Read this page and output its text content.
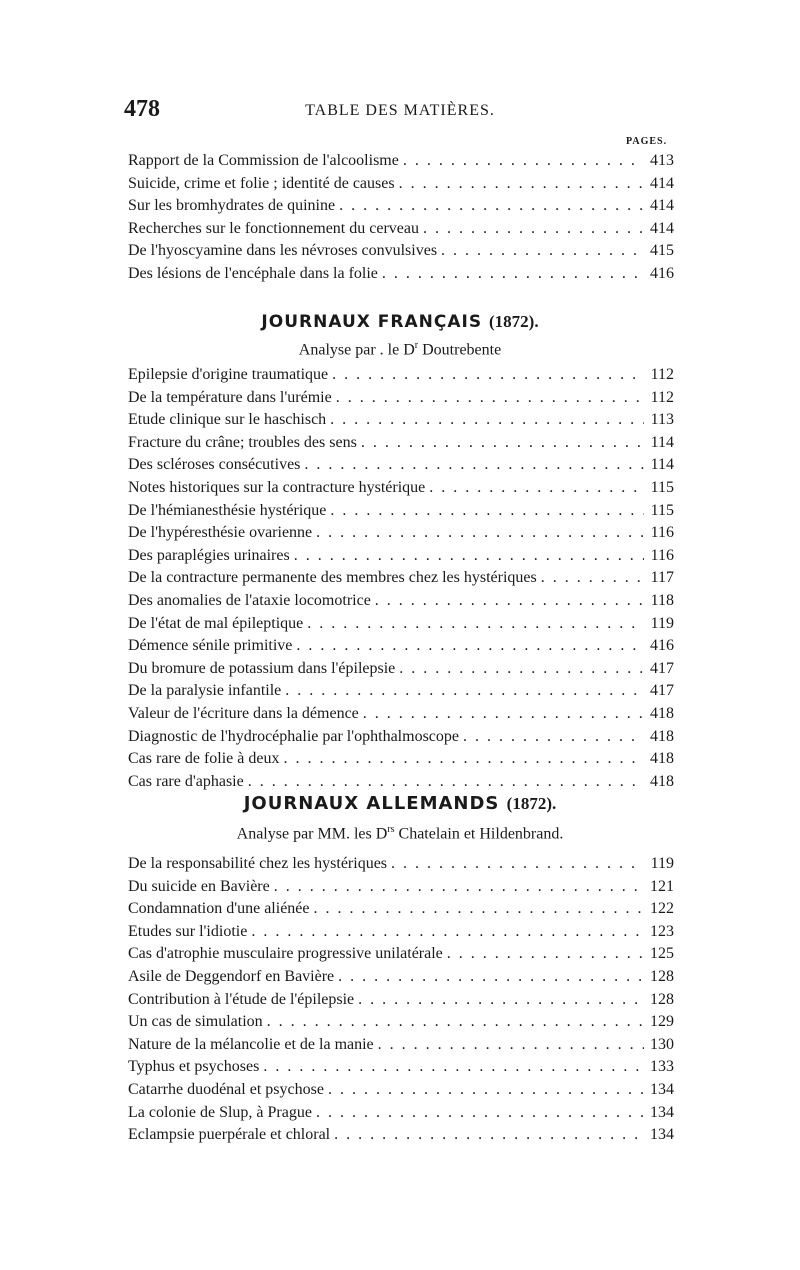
478	TABLE DES MATIÈRES.
PAGES.
Rapport de la Commission de l'alcoolisme . . .	413
Suicide, crime et folie ; identité de causes . . .	414
Sur les bromhydrates de quinine . . .	414
Recherches sur le fonctionnement du cerveau . . .	414
De l'hyoscyamine dans les névroses convulsives . . .	415
Des lésions de l'encéphale dans la folie . . .	416
JOURNAUX FRANÇAIS (1872).
Analyse par . le $D^r$ Doutrebente
Epilepsie d'origine traumatique . . .	112
De la température dans l'urémie . . .	112
Etude clinique sur le haschisch . . .	113
Fracture du crâne; troubles des sens . . .	114
Des scléroses consécutives . . .	114
Notes historiques sur la contracture hystérique . . .	115
De l'hémianesthésie hystérique . . .	115
De l'hypéresthésie ovarienne . . .	116
Des paraplégies urinaires . . .	116
De la contracture permanente des membres chez les hystériques . . .	117
Des anomalies de l'ataxie locomotrice . . .	118
De l'état de mal épileptique . . .	119
Démence sénile primitive . . .	416
Du bromure de potassium dans l'épilepsie . . .	417
De la paralysie infantile . . .	417
Valeur de l'écriture dans la démence . . .	418
Diagnostic de l'hydrocéphalie par l'ophthalmoscope . . .	418
Cas rare de folie à deux . . .	418
Cas rare d'aphasie . . .	418
JOURNAUX ALLEMANDS (1872).
Analyse par MM. les $D^{rs}$ Chatelain et Hildenbrand.
De la responsabilité chez les hystériques . . .	119
Du suicide en Bavière . . .	121
Condamnation d'une aliénée . . .	122
Etudes sur l'idiotie . . .	123
Cas d'atrophie musculaire progressive unilatérale . . .	125
Asile de Deggendorf en Bavière . . .	128
Contribution à l'étude de l'épilepsie . . .	128
Un cas de simulation . . .	129
Nature de la mélancolie et de la manie . . .	130
Typhus et psychoses . . .	133
Catarrhe duodénal et psychose . . .	134
La colonie de Slup, à Prague . . .	134
Eclampsie puerpérale et chloral . . .	134
